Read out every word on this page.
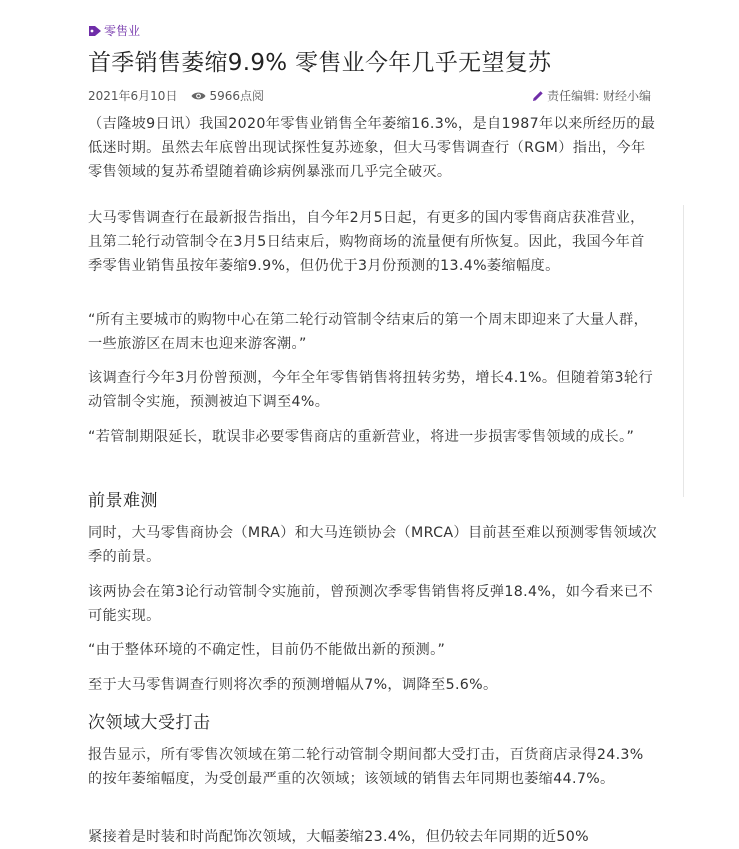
零售业
首季销售萎缩9.9% 零售业今年几乎无望复苏
2021年6月10日	5966点阅	责任编辑: 财经小编

（吉隆坡9日讯）我国2020年零售业销售全年萎缩16.3%，是自1987年以来所经历的最低迷时期。虽然去年底曾出现试探性复苏迹象，但大马零售调查行（RGM）指出，今年零售领域的复苏希望随着确诊病例暴涨而几乎完全破灭。

大马零售调查行在最新报告指出，自今年2月5日起，有更多的国内零售商店获准营业，且第二轮行动管制令在3月5日结束后，购物商场的流量便有所恢复。因此，我国今年首季零售业销售虽按年萎缩9.9%，但仍优于3月份预测的13.4%萎缩幅度。

“所有主要城市的购物中心在第二轮行动管制令结束后的第一个周末即迎来了大量人群，一些旅游区在周末也迎来游客潮。”

该调查行今年3月份曾预测，今年全年零售销售将扭转劣势，增长4.1%。但随着第3轮行动管制令实施，预测被迫下调至4%。

“若管制期限延长，耽误非必要零售商店的重新营业，将进一步损害零售领域的成长。”

前景难测

同时，大马零售商协会（MRA）和大马连锁协会（MRCA）目前甚至难以预测零售领域次季的前景。

该两协会在第3论行动管制令实施前，曾预测次季零售销售将反弹18.4%，如今看来已不可能实现。

“由于整体环境的不确定性，目前仍不能做出新的预测。”

至于大马零售调查行则将次季的预测增幅从7%，调降至5.6%。

次领域大受打击

报告显示，所有零售次领域在第二轮行动管制令期间都大受打击，百货商店录得24.3%的按年萎缩幅度，为受创最严重的次领域；该领域的销售去年同期也萎缩44.7%。

紧接着是时装和时尚配饰次领域，大幅萎缩23.4%，但仍较去年同期的近50%
